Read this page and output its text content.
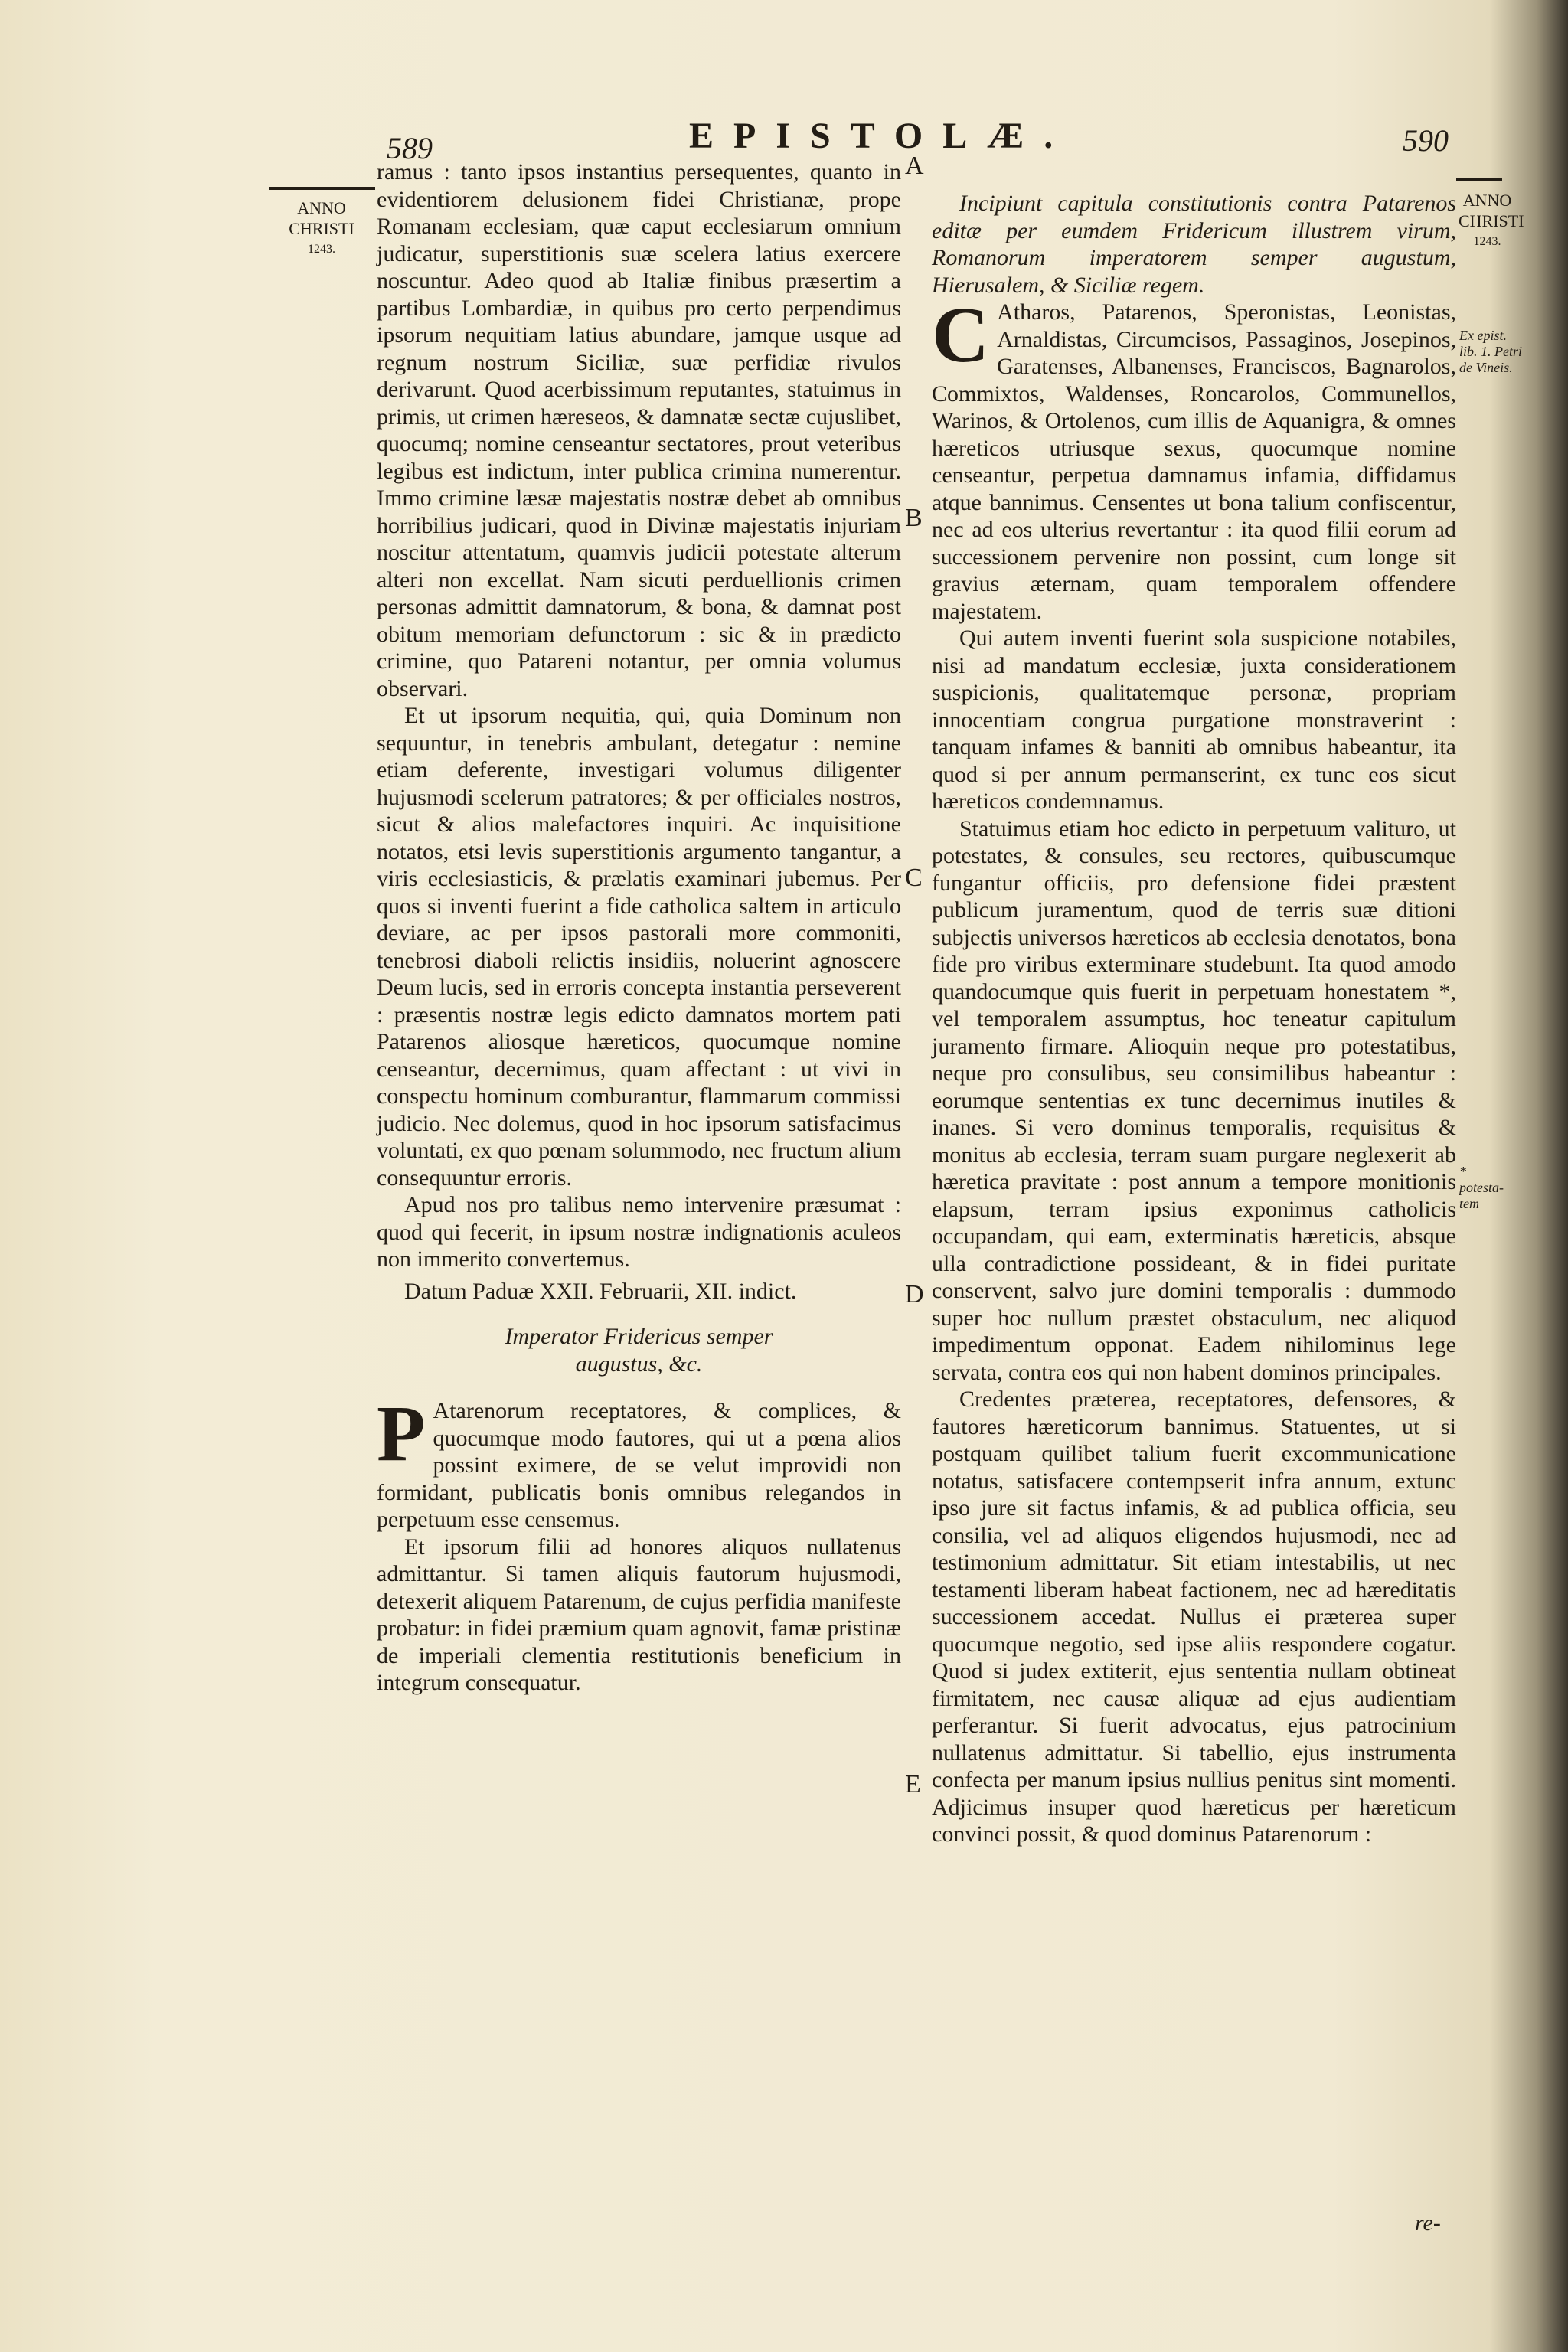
589	EPISTOLÆ.	590
ANNO
CHRISTI
1243.
ANNO
CHRISTI
1243.
Ex epist.
lib. 1. Petri
de Vineis.
* potesta-tem
A
B
C
D
E

ramus : tanto ipsos instantius persequentes, quanto in evidentiorem delusionem fidei Christianæ, prope Romanam ecclesiam, quæ caput ecclesiarum omnium judicatur, superstitionis suæ scelera latius exercere noscuntur. Adeo quod ab Italiæ finibus præsertim a partibus Lombardiæ, in quibus pro certo perpendimus ipsorum nequitiam latius abundare, jamque usque ad regnum nostrum Siciliæ, suæ perfidiæ rivulos derivarunt. Quod acerbissimum reputantes, statuimus in primis, ut crimen hæreseos, & damnatæ sectæ cujuslibet, quocumq; nomine censeantur sectatores, prout veteribus legibus est indictum, inter publica crimina numerentur. Immo crimine læsæ majestatis nostræ debet ab omnibus horribilius judicari, quod in Divinæ majestatis injuriam noscitur attentatum, quamvis judicii potestate alterum alteri non excellat. Nam sicuti perduellionis crimen personas admittit damnatorum, & bona, & damnat post obitum memoriam defunctorum : sic & in prædicto crimine, quo Patareni notantur, per omnia volumus observari.

Et ut ipsorum nequitia, qui, quia Dominum non sequuntur, in tenebris ambulant, detegatur : nemine etiam deferente, investigari volumus diligenter hujusmodi scelerum patratores; & per officiales nostros, sicut & alios malefactores inquiri. Ac inquisitione notatos, etsi levis superstitionis argumento tangantur, a viris ecclesiasticis, & prælatis examinari jubemus. Per quos si inventi fuerint a fide catholica saltem in articulo deviare, ac per ipsos pastorali more commoniti, tenebrosi diaboli relictis insidiis, noluerint agnoscere Deum lucis, sed in erroris concepta instantia perseverent : præsentis nostræ legis edicto damnatos mortem pati Patarenos aliosque hæreticos, quocumque nomine censeantur, decernimus, quam affectant : ut vivi in conspectu hominum comburantur, flammarum commissi judicio. Nec dolemus, quod in hoc ipsorum satisfacimus voluntati, ex quo pœnam solummodo, nec fructum alium consequuntur erroris.

Apud nos pro talibus nemo intervenire præsumat : quod qui fecerit, in ipsum nostræ indignationis aculeos non immerito convertemus.

Datum Paduæ XXII. Februarii, XII. indict.

Imperator Fridericus semper
augustus, &c.

P Atarenorum receptatores, & complices, & quocumque modo fautores, qui ut a pœna alios possint eximere, de se velut improvidi non formidant, publicatis bonis omnibus relegandos in perpetuum esse censemus.

Et ipsorum filii ad honores aliquos nullatenus admittantur. Si tamen aliquis fautorum hujusmodi, detexerit aliquem Patarenum, de cujus perfidia manifeste probatur: in fidei præmium quam agnovit, famæ pristinæ de imperiali clementia restitutionis beneficium in integrum consequatur.

Incipiunt capitula constitutionis contra Patarenos editæ per eumdem Fridericum illustrem virum, Romanorum imperatorem semper augustum, Hierusalem, & Siciliæ regem.

C Atharos, Patarenos, Speronistas, Leonistas, Arnaldistas, Circumcisos, Passaginos, Josepinos, Garatenses, Albanenses, Franciscos, Bagnarolos, Commixtos, Waldenses, Roncarolos, Communellos, Warinos, & Ortolenos, cum illis de Aquanigra, & omnes hæreticos utriusque sexus, quocumque nomine censeantur, perpetua damnamus infamia, diffidamus atque bannimus. Censentes ut bona talium confiscentur, nec ad eos ulterius revertantur : ita quod filii eorum ad successionem pervenire non possint, cum longe sit gravius æternam, quam temporalem offendere majestatem.

Qui autem inventi fuerint sola suspicione notabiles, nisi ad mandatum ecclesiæ, juxta considerationem suspicionis, qualitatemque personæ, propriam innocentiam congrua purgatione monstraverint : tanquam infames & banniti ab omnibus habeantur, ita quod si per annum permanserint, ex tunc eos sicut hæreticos condemnamus.

Statuimus etiam hoc edicto in perpetuum valituro, ut potestates, & consules, seu rectores, quibuscumque fungantur officiis, pro defensione fidei præstent publicum juramentum, quod de terris suæ ditioni subjectis universos hæreticos ab ecclesia denotatos, bona fide pro viribus exterminare studebunt. Ita quod amodo quandocumque quis fuerit in perpetuam honestatem *, vel temporalem assumptus, hoc teneatur capitulum juramento firmare. Alioquin neque pro potestatibus, neque pro consulibus, seu consimilibus habeantur : eorumque sententias ex tunc decernimus inutiles & inanes. Si vero dominus temporalis, requisitus & monitus ab ecclesia, terram suam purgare neglexerit ab hæretica pravitate : post annum a tempore monitionis elapsum, terram ipsius exponimus catholicis occupandam, qui eam, exterminatis hæreticis, absque ulla contradictione possideant, & in fidei puritate conservent, salvo jure domini temporalis : dummodo super hoc nullum præstet obstaculum, nec aliquod impedimentum opponat. Eadem nihilominus lege servata, contra eos qui non habent dominos principales.

Credentes præterea, receptatores, defensores, & fautores hæreticorum bannimus. Statuentes, ut si postquam quilibet talium fuerit excommunicatione notatus, satisfacere contempserit infra annum, extunc ipso jure sit factus infamis, & ad publica officia, seu consilia, vel ad aliquos eligendos hujusmodi, nec ad testimonium admittatur. Sit etiam intestabilis, ut nec testamenti liberam habeat factionem, nec ad hæreditatis successionem accedat. Nullus ei præterea super quocumque negotio, sed ipse aliis respondere cogatur. Quod si judex extiterit, ejus sententia nullam obtineat firmitatem, nec causæ aliquæ ad ejus audientiam perferantur. Si fuerit advocatus, ejus patrocinium nullatenus admittatur. Si tabellio, ejus instrumenta confecta per manum ipsius nullius penitus sint momenti. Adjicimus insuper quod hæreticus per hæreticum convinci possit, & quod dominus Patarenorum :

re-
